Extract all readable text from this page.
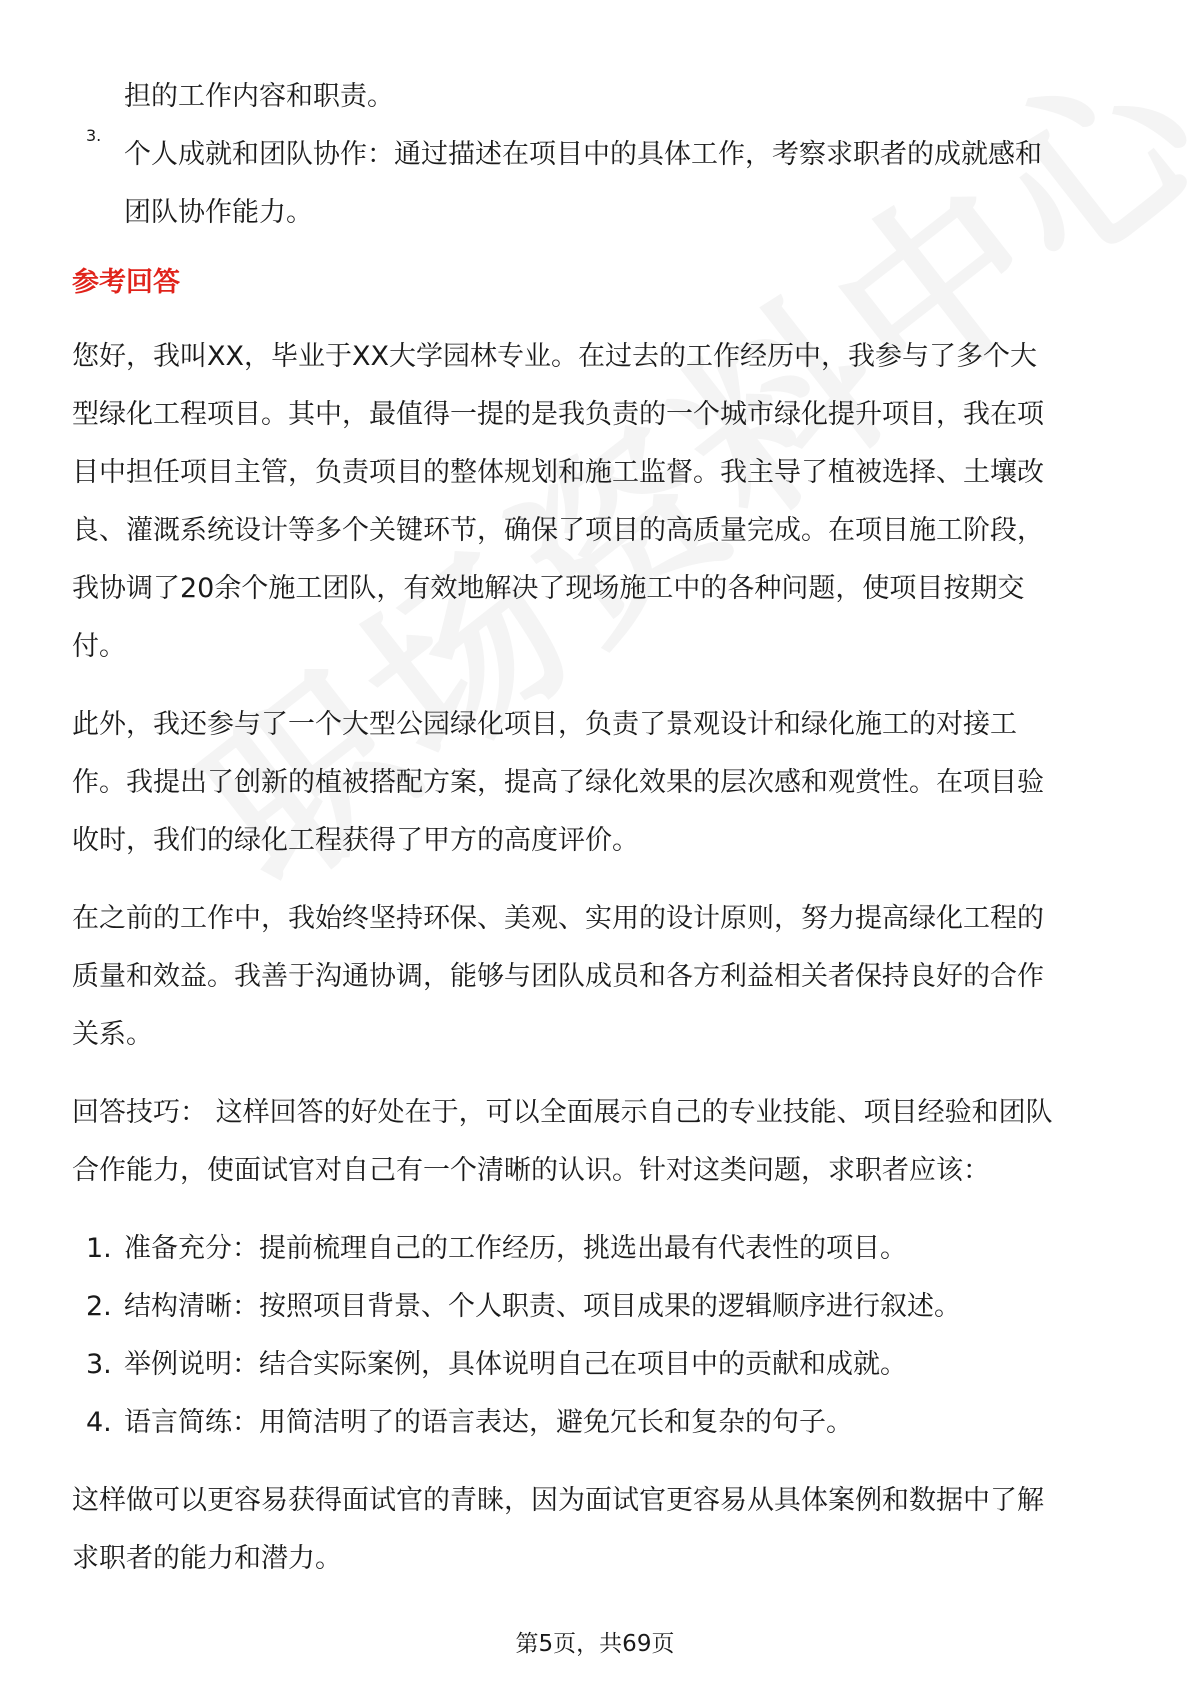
担的工作内容和职责。
3.
个人成就和团队协作：通过描述在项目中的具体工作，考察求职者的成就感和
团队协作能力。
参考回答
您好，我叫XX，毕业于XX大学园林专业。在过去的工作经历中，我参与了多个大
型绿化工程项目。其中，最值得一提的是我负责的一个城市绿化提升项目，我在项
目中担任项目主管，负责项目的整体规划和施工监督。我主导了植被选择、土壤改
良、灌溉系统设计等多个关键环节，确保了项目的高质量完成。在项目施工阶段，
我协调了20余个施工团队，有效地解决了现场施工中的各种问题，使项目按期交
付。
此外，我还参与了一个大型公园绿化项目，负责了景观设计和绿化施工的对接工
作。我提出了创新的植被搭配方案，提高了绿化效果的层次感和观赏性。在项目验
收时，我们的绿化工程获得了甲方的高度评价。
在之前的工作中，我始终坚持环保、美观、实用的设计原则，努力提高绿化工程的
质量和效益。我善于沟通协调，能够与团队成员和各方利益相关者保持良好的合作
关系。
回答技巧： 这样回答的好处在于，可以全面展示自己的专业技能、项目经验和团队
合作能力，使面试官对自己有一个清晰的认识。针对这类问题，求职者应该：
1. 准备充分：提前梳理自己的工作经历，挑选出最有代表性的项目。
2. 结构清晰：按照项目背景、个人职责、项目成果的逻辑顺序进行叙述。
3. 举例说明：结合实际案例，具体说明自己在项目中的贡献和成就。
4. 语言简练：用简洁明了的语言表达，避免冗长和复杂的句子。
这样做可以更容易获得面试官的青睐，因为面试官更容易从具体案例和数据中了解
求职者的能力和潜力。
第5页，共69页
